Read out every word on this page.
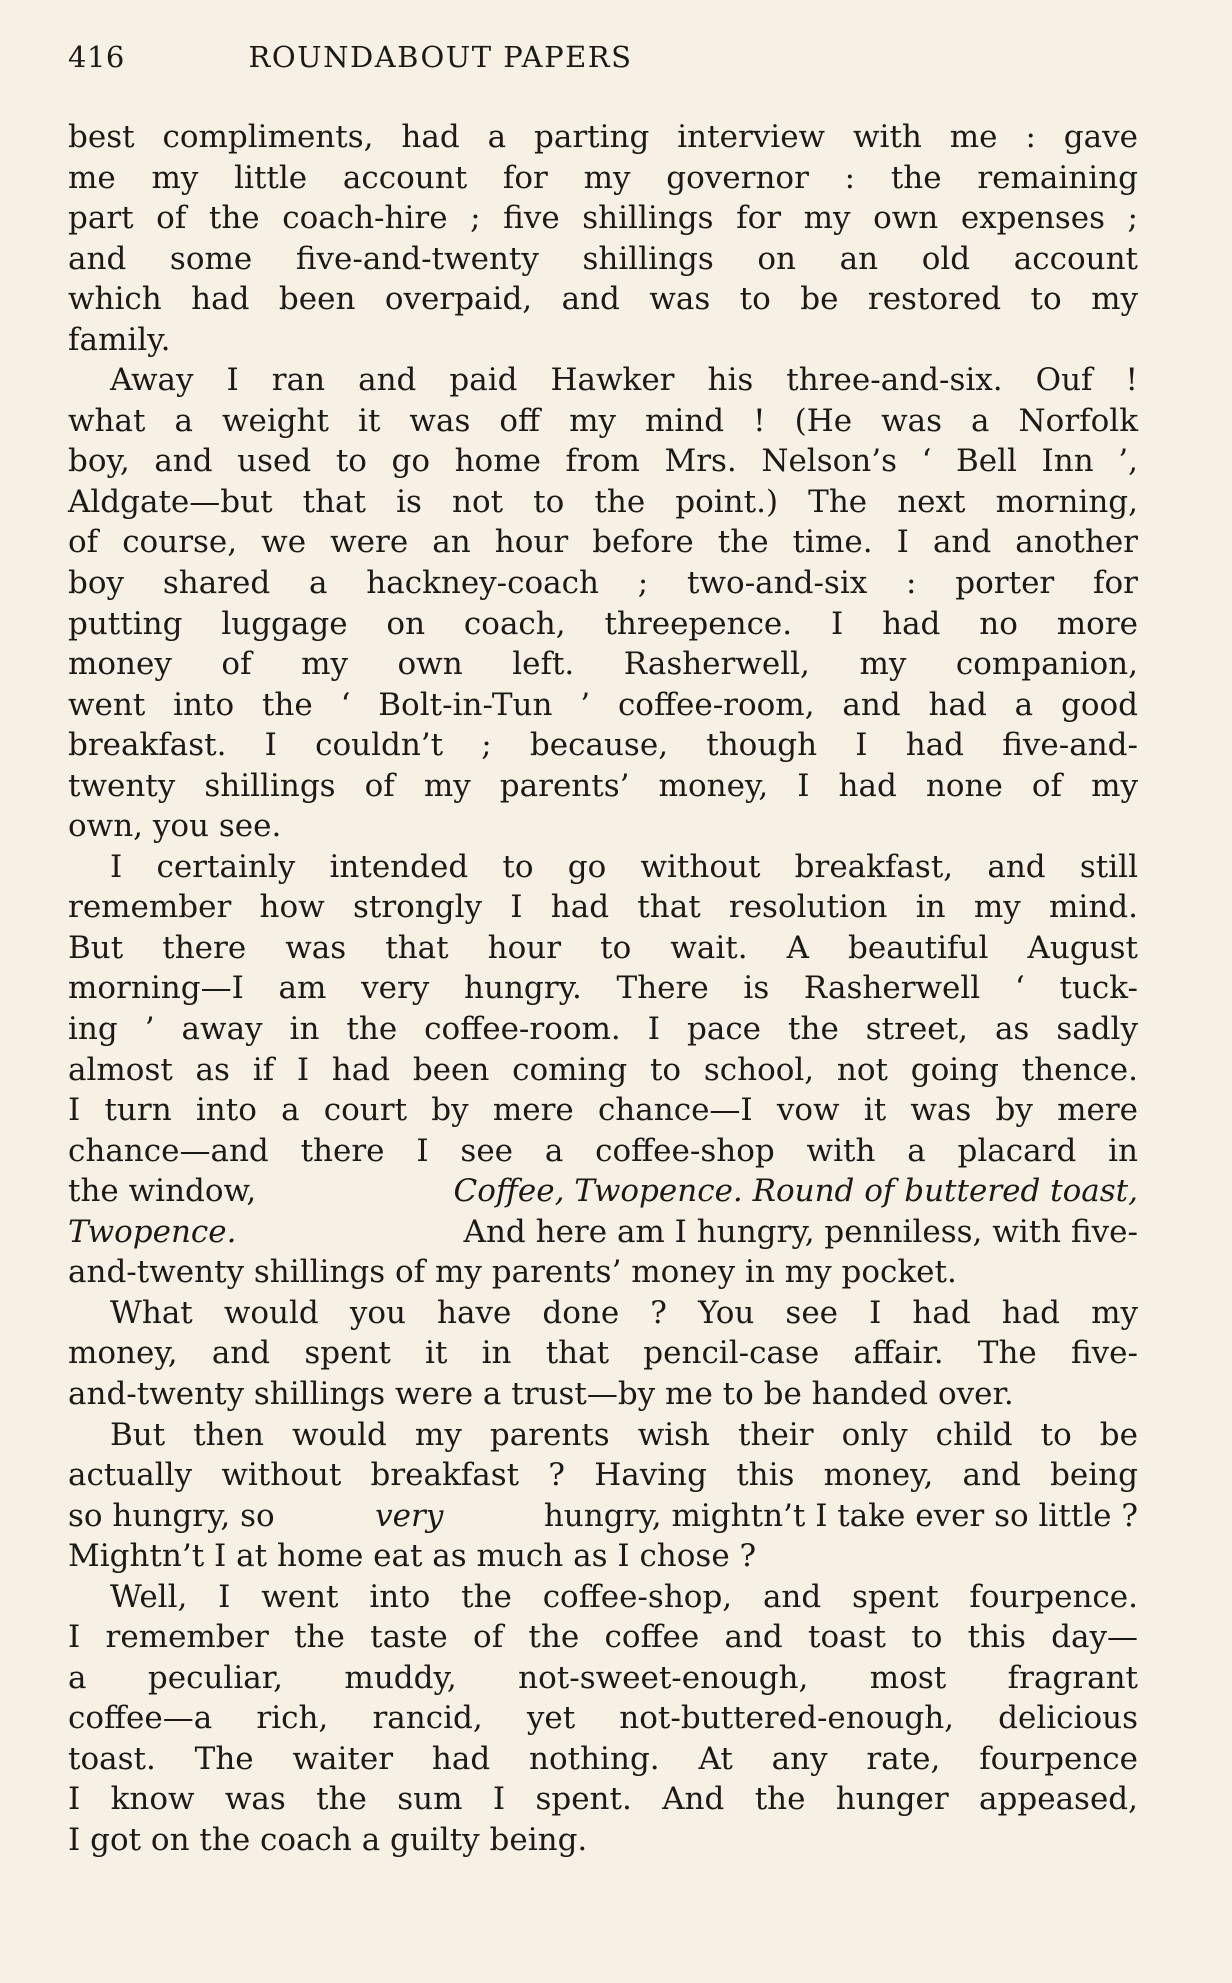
416	ROUNDABOUT PAPERS
best compliments, had a parting interview with me : gave
me my little account for my governor : the remaining
part of the coach-hire ; five shillings for my own expenses ;
and some five-and-twenty shillings on an old account
which had been overpaid, and was to be restored to my
family.
Away I ran and paid Hawker his three-and-six. Ouf !
what a weight it was off my mind ! (He was a Norfolk
boy, and used to go home from Mrs. Nelson’s ‘ Bell Inn ’,
Aldgate—but that is not to the point.) The next morning,
of course, we were an hour before the time. I and another
boy shared a hackney-coach ; two-and-six : porter for
putting luggage on coach, threepence. I had no more
money of my own left. Rasherwell, my companion,
went into the ‘ Bolt-in-Tun ’ coffee-room, and had a good
breakfast. I couldn’t ; because, though I had five-and-
twenty shillings of my parents’ money, I had none of my
own, you see.
I certainly intended to go without breakfast, and still
remember how strongly I had that resolution in my mind.
But there was that hour to wait. A beautiful August
morning—I am very hungry. There is Rasherwell ‘ tuck-
ing ’ away in the coffee-room. I pace the street, as sadly
almost as if I had been coming to school, not going thence.
I turn into a court by mere chance—I vow it was by mere
chance—and there I see a coffee-shop with a placard in
the window,	Coffee, Twopence. Round of buttered toast,
Twopence.	And here am I hungry, penniless, with five-
and-twenty shillings of my parents’ money in my pocket.
What would you have done ? You see I had had my
money, and spent it in that pencil-case affair. The five-
and-twenty shillings were a trust—by me to be handed over.
But then would my parents wish their only child to be
actually without breakfast ? Having this money, and being
so hungry, so	very	hungry, mightn’t I take ever so little ?
Mightn’t I at home eat as much as I chose ?
Well, I went into the coffee-shop, and spent fourpence.
I remember the taste of the coffee and toast to this day—
a peculiar, muddy, not-sweet-enough, most fragrant
coffee—a rich, rancid, yet not-buttered-enough, delicious
toast. The waiter had nothing. At any rate, fourpence
I know was the sum I spent. And the hunger appeased,
I got on the coach a guilty being.
